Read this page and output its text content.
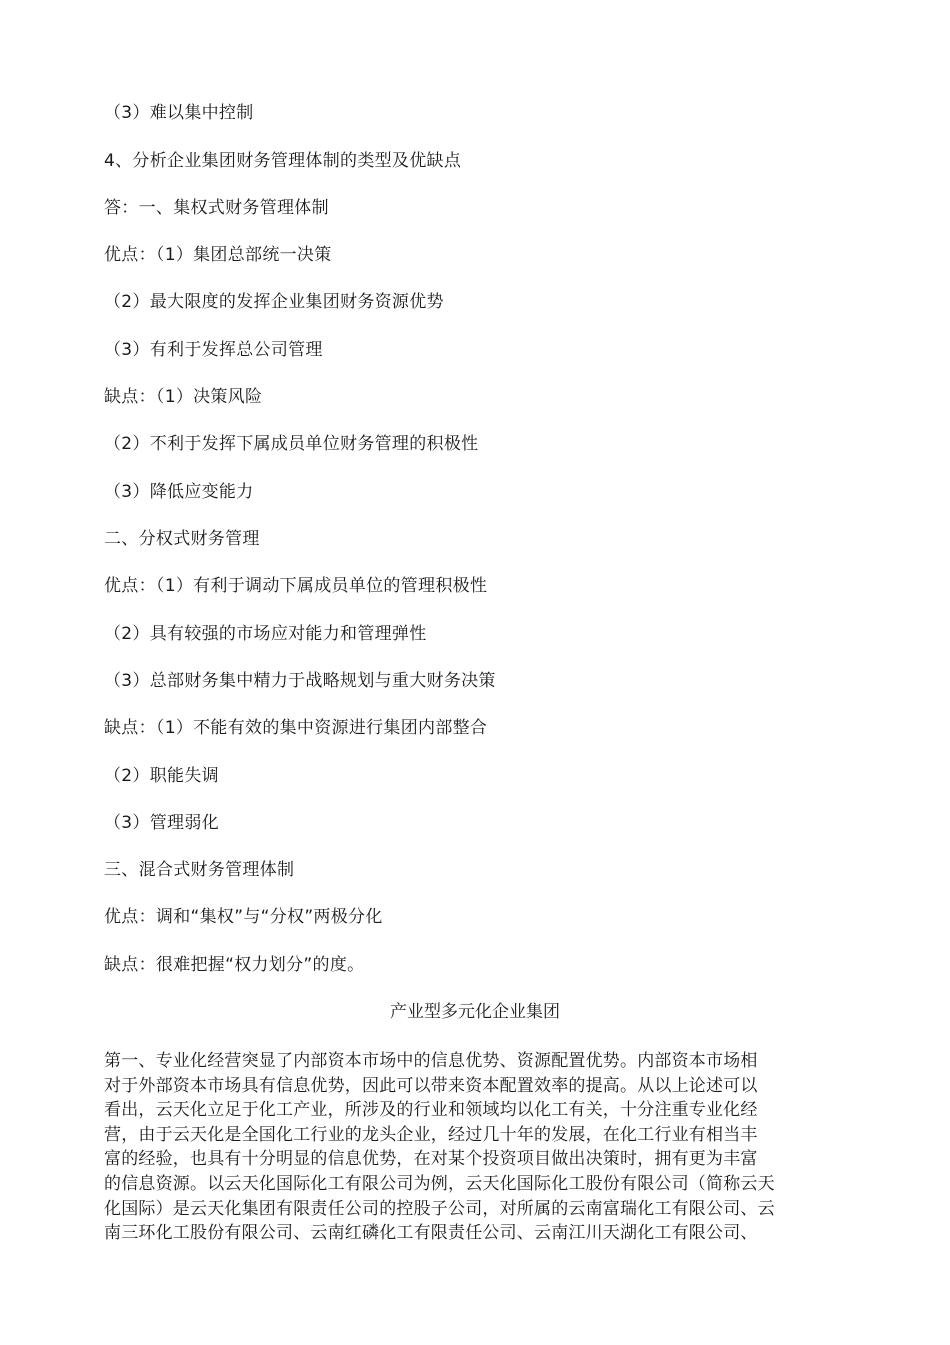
（3）难以集中控制
4、分析企业集团财务管理体制的类型及优缺点
答：一、集权式财务管理体制
优点：（1）集团总部统一决策
（2）最大限度的发挥企业集团财务资源优势
（3）有利于发挥总公司管理
缺点：（1）决策风险
（2）不利于发挥下属成员单位财务管理的积极性
（3）降低应变能力
二、分权式财务管理
优点：（1）有利于调动下属成员单位的管理积极性
（2）具有较强的市场应对能力和管理弹性
（3）总部财务集中精力于战略规划与重大财务决策
缺点：（1）不能有效的集中资源进行集团内部整合
（2）职能失调
（3）管理弱化
三、混合式财务管理体制
优点：调和“集权”与“分权”两极分化
缺点：很难把握“权力划分”的度。
产业型多元化企业集团
第一、专业化经营突显了内部资本市场中的信息优势、资源配置优势。内部资本市场相
对于外部资本市场具有信息优势，因此可以带来资本配置效率的提高。从以上论述可以
看出，云天化立足于化工产业，所涉及的行业和领域均以化工有关，十分注重专业化经
营，由于云天化是全国化工行业的龙头企业，经过几十年的发展，在化工行业有相当丰
富的经验，也具有十分明显的信息优势，在对某个投资项目做出决策时，拥有更为丰富
的信息资源。以云天化国际化工有限公司为例，云天化国际化工股份有限公司（简称云天
化国际）是云天化集团有限责任公司的控股子公司，对所属的云南富瑞化工有限公司、云
南三环化工股份有限公司、云南红磷化工有限责任公司、云南江川天湖化工有限公司、
